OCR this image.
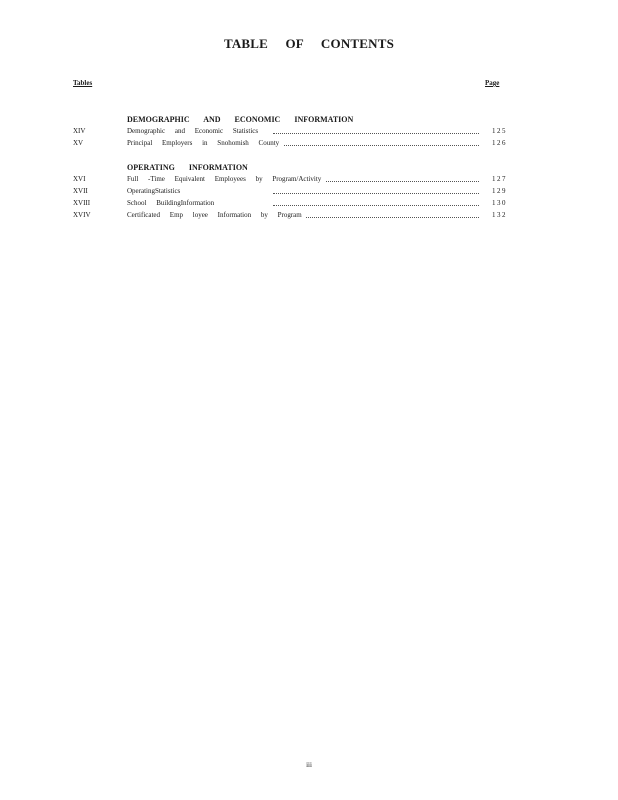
TABLE OF CONTENTS
Tables	Page
DEMOGRAPHIC AND ECONOMIC INFORMATION
XIV	Demographic and Economic Statistics	125
XV	Principal Employers in Snohomish County	126
OPERATING INFORMATION
XVI	Full -Time Equivalent Employees by Program/Activity	127
XVII	OperatingStatistics	129
XVIII	School BuildingInformation	130
XVIV	Certificated Emp loyee Information by Program	132
iii
